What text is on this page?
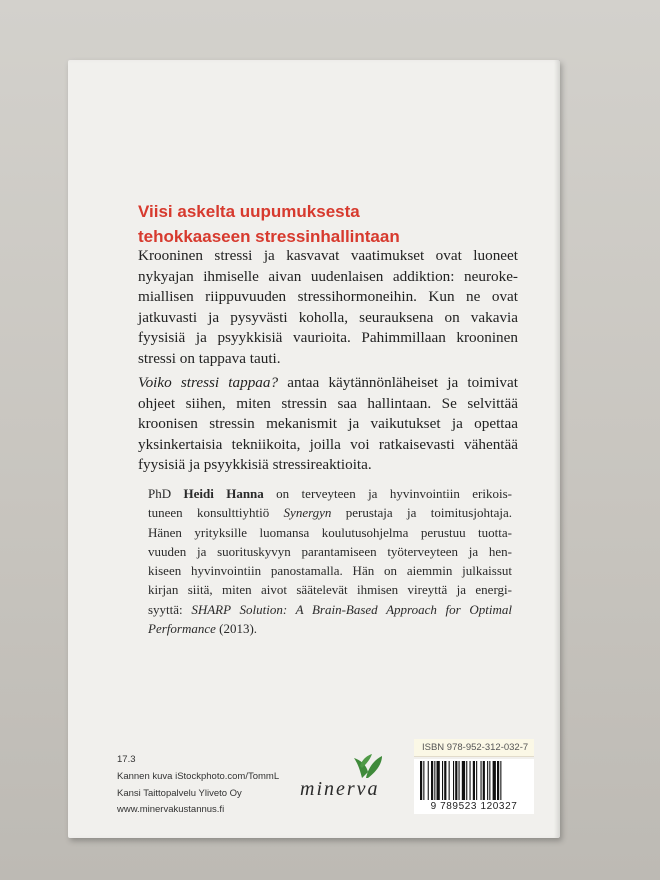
Viisi askelta uupumuksesta
tehokkaaseen stressinhallintaan
Krooninen stressi ja kasvavat vaatimukset ovat luoneet
nykyajan ihmiselle aivan uudenlaisen addiktion: neuroke-
miallisen riippuvuuden stressihormoneihin. Kun ne ovat
jatkuvasti ja pysyvästi koholla, seurauksena on vakavia
fyysisiä ja psyykkisiä vaurioita. Pahimmillaan krooninen
stressi on tappava tauti.
Voiko stressi tappaa? antaa käytännönläheiset ja toimivat
ohjeet siihen, miten stressin saa hallintaan. Se selvittää
kroonisen stressin mekanismit ja vaikutukset ja opettaa
yksinkertaisia tekniikoita, joilla voi ratkaisevasti vähentää
fyysisiä ja psyykkisiä stressireaktioita.
PhD Heidi Hanna on terveyteen ja hyvinvointiin erikois-
tuneen konsulttiyhtiö Synergyn perustaja ja toimitusjohtaja.
Hänen yrityksille luomansa koulutusohjelma perustuu tuotta-
vuuden ja suorituskyvyn parantamiseen työterveyteen ja hen-
kiseen hyvinvointiin panostamalla. Hän on aiemmin julkaissut
kirjan siitä, miten aivot säätelevät ihmisen vireyttä ja energi-
syyttä: SHARP Solution: A Brain-Based Approach for Optimal
Performance (2013).
17.3
Kannen kuva iStockphoto.com/TommL
Kansi Taittopalvelu Yliveto Oy
www.minervakustannus.fi
minerva
ISBN 978-952-312-032-7
9 789523 120327
